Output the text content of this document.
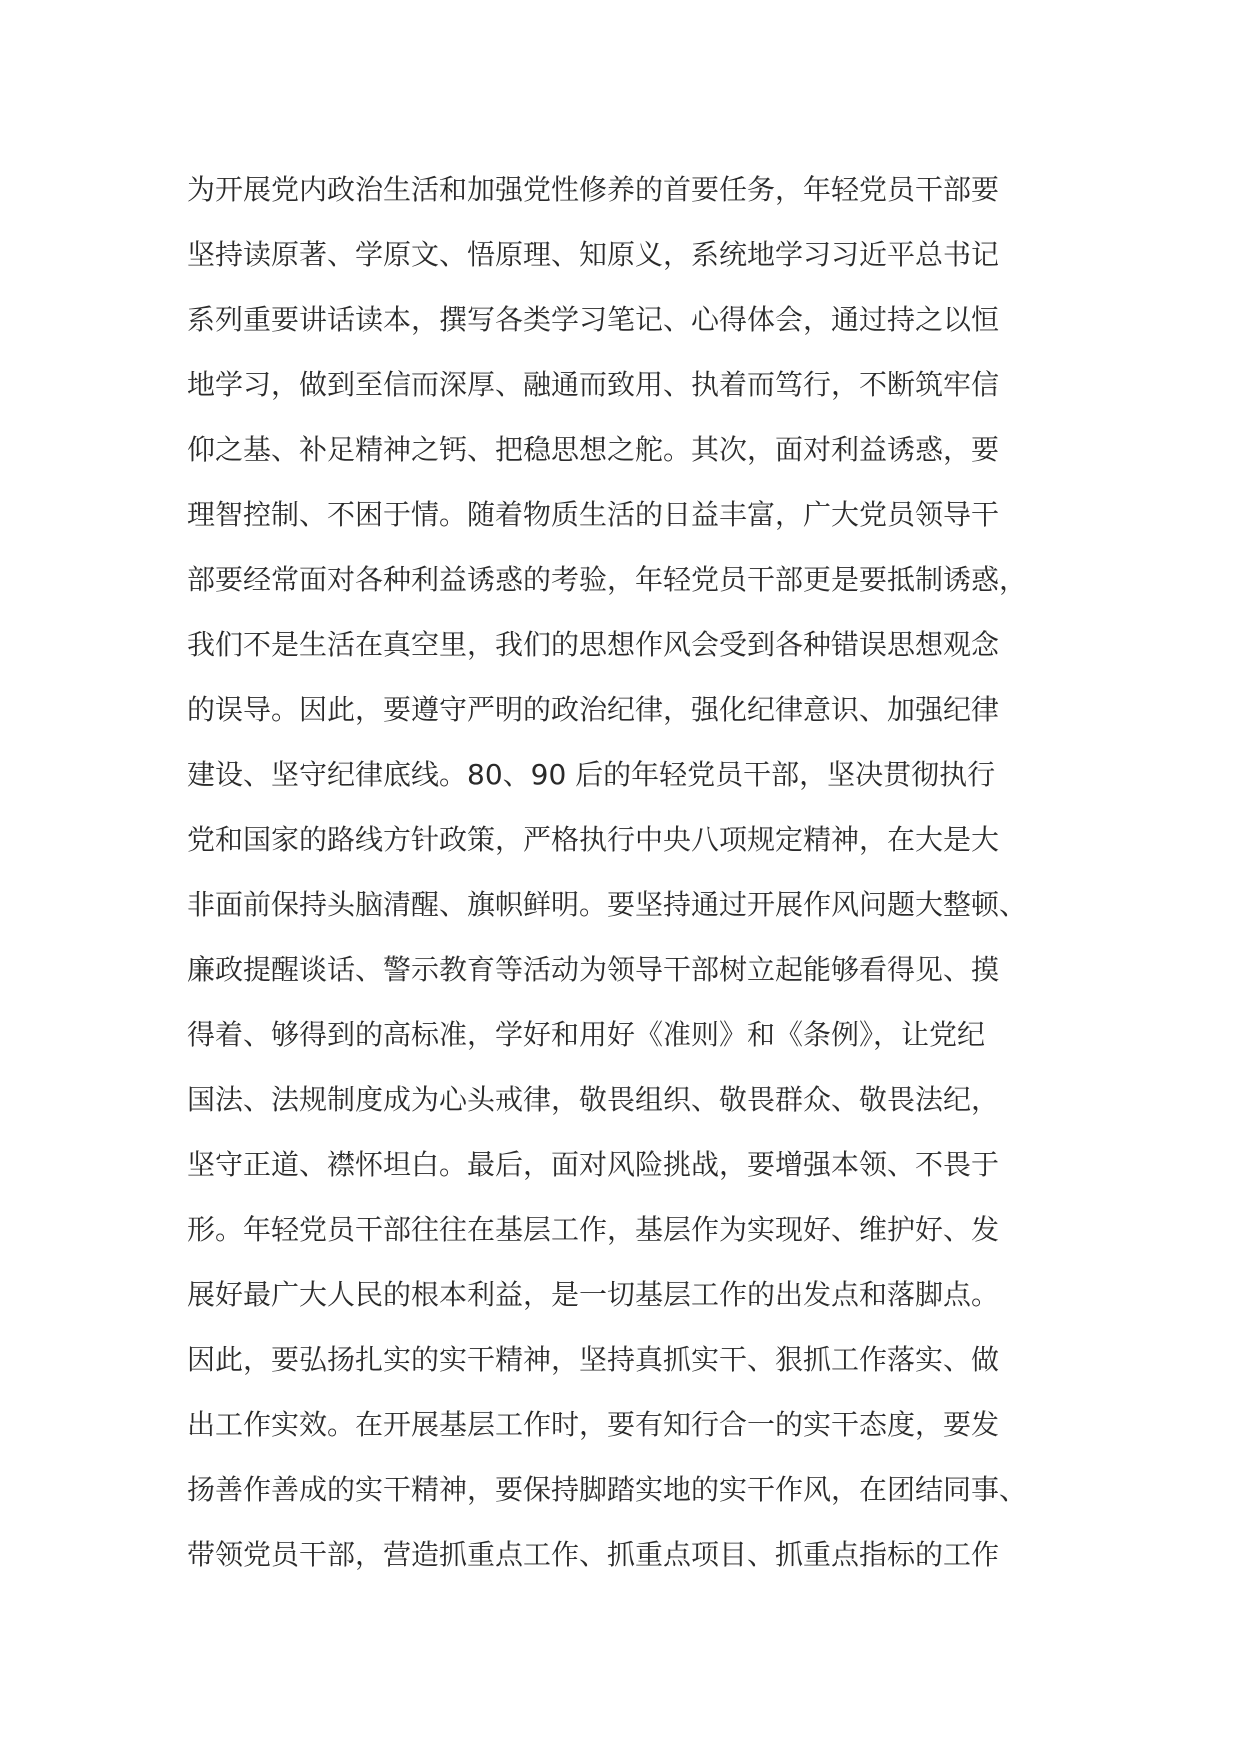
为开展党内政治生活和加强党性修养的首要任务，年轻党员干部要
坚持读原著、学原文、悟原理、知原义，系统地学习习近平总书记
系列重要讲话读本，撰写各类学习笔记、心得体会，通过持之以恒
地学习，做到至信而深厚、融通而致用、执着而笃行，不断筑牢信
仰之基、补足精神之钙、把稳思想之舵。其次，面对利益诱惑，要
理智控制、不困于情。随着物质生活的日益丰富，广大党员领导干
部要经常面对各种利益诱惑的考验，年轻党员干部更是要抵制诱惑，
我们不是生活在真空里，我们的思想作风会受到各种错误思想观念
的误导。因此，要遵守严明的政治纪律，强化纪律意识、加强纪律
建设、坚守纪律底线。80、90 后的年轻党员干部，坚决贯彻执行
党和国家的路线方针政策，严格执行中央八项规定精神，在大是大
非面前保持头脑清醒、旗帜鲜明。要坚持通过开展作风问题大整顿、
廉政提醒谈话、警示教育等活动为领导干部树立起能够看得见、摸
得着、够得到的高标准，学好和用好《准则》和《条例》，让党纪
国法、法规制度成为心头戒律，敬畏组织、敬畏群众、敬畏法纪，
坚守正道、襟怀坦白。最后，面对风险挑战，要增强本领、不畏于
形。年轻党员干部往往在基层工作，基层作为实现好、维护好、发
展好最广大人民的根本利益，是一切基层工作的出发点和落脚点。
因此，要弘扬扎实的实干精神，坚持真抓实干、狠抓工作落实、做
出工作实效。在开展基层工作时，要有知行合一的实干态度，要发
扬善作善成的实干精神，要保持脚踏实地的实干作风，在团结同事、
带领党员干部，营造抓重点工作、抓重点项目、抓重点指标的工作
